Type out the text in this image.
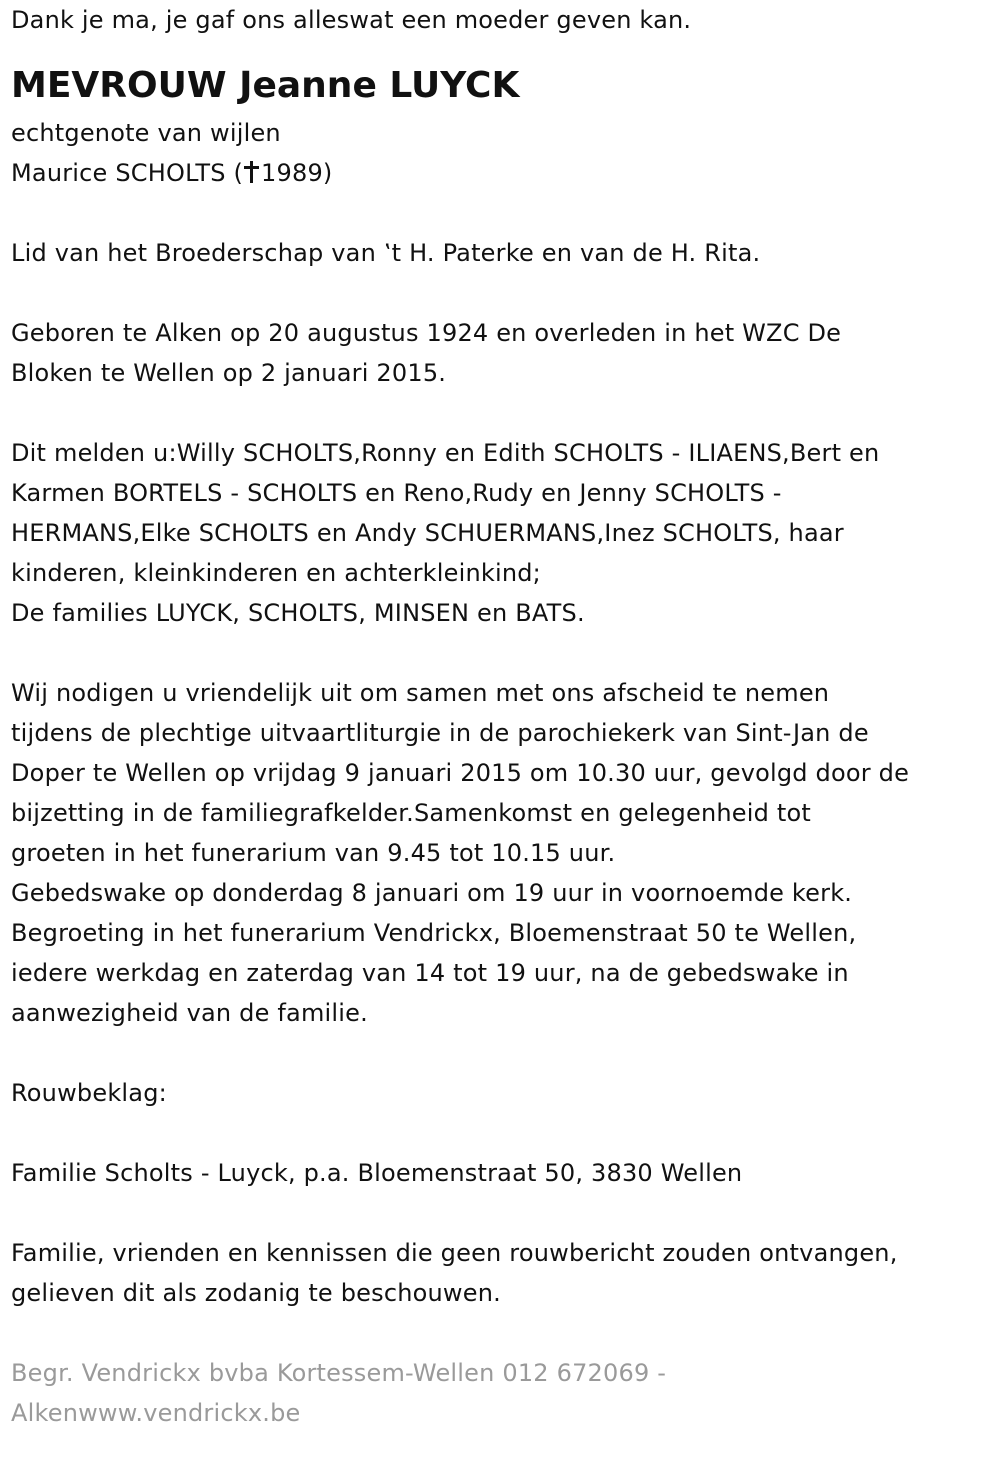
Dank je ma, je gaf ons alleswat een moeder geven kan.
MEVROUW Jeanne LUYCK
echtgenote van wijlen
Maurice SCHOLTS ( 1989)
Lid van het Broederschap van ‛t H. Paterke en van de H. Rita.
Geboren te Alken op 20 augustus 1924 en overleden in het WZC De
Bloken te Wellen op 2 januari 2015.
Dit melden u:Willy SCHOLTS,Ronny en Edith SCHOLTS - ILIAENS,Bert en
Karmen BORTELS - SCHOLTS en Reno,Rudy en Jenny SCHOLTS -
HERMANS,Elke SCHOLTS en Andy SCHUERMANS,Inez SCHOLTS, haar
kinderen, kleinkinderen en achterkleinkind;
De families LUYCK, SCHOLTS, MINSEN en BATS.
Wij nodigen u vriendelijk uit om samen met ons afscheid te nemen
tijdens de plechtige uitvaartliturgie in de parochiekerk van Sint-Jan de
Doper te Wellen op vrijdag 9 januari 2015 om 10.30 uur, gevolgd door de
bijzetting in de familiegrafkelder.Samenkomst en gelegenheid tot
groeten in het funerarium van 9.45 tot 10.15 uur.
Gebedswake op donderdag 8 januari om 19 uur in voornoemde kerk.
Begroeting in het funerarium Vendrickx, Bloemenstraat 50 te Wellen,
iedere werkdag en zaterdag van 14 tot 19 uur, na de gebedswake in
aanwezigheid van de familie.
Rouwbeklag:
Familie Scholts - Luyck, p.a. Bloemenstraat 50, 3830 Wellen
Familie, vrienden en kennissen die geen rouwbericht zouden ontvangen,
gelieven dit als zodanig te beschouwen.
Begr. Vendrickx bvba Kortessem-Wellen 012 672069 -
Alkenwww.vendrickx.be
